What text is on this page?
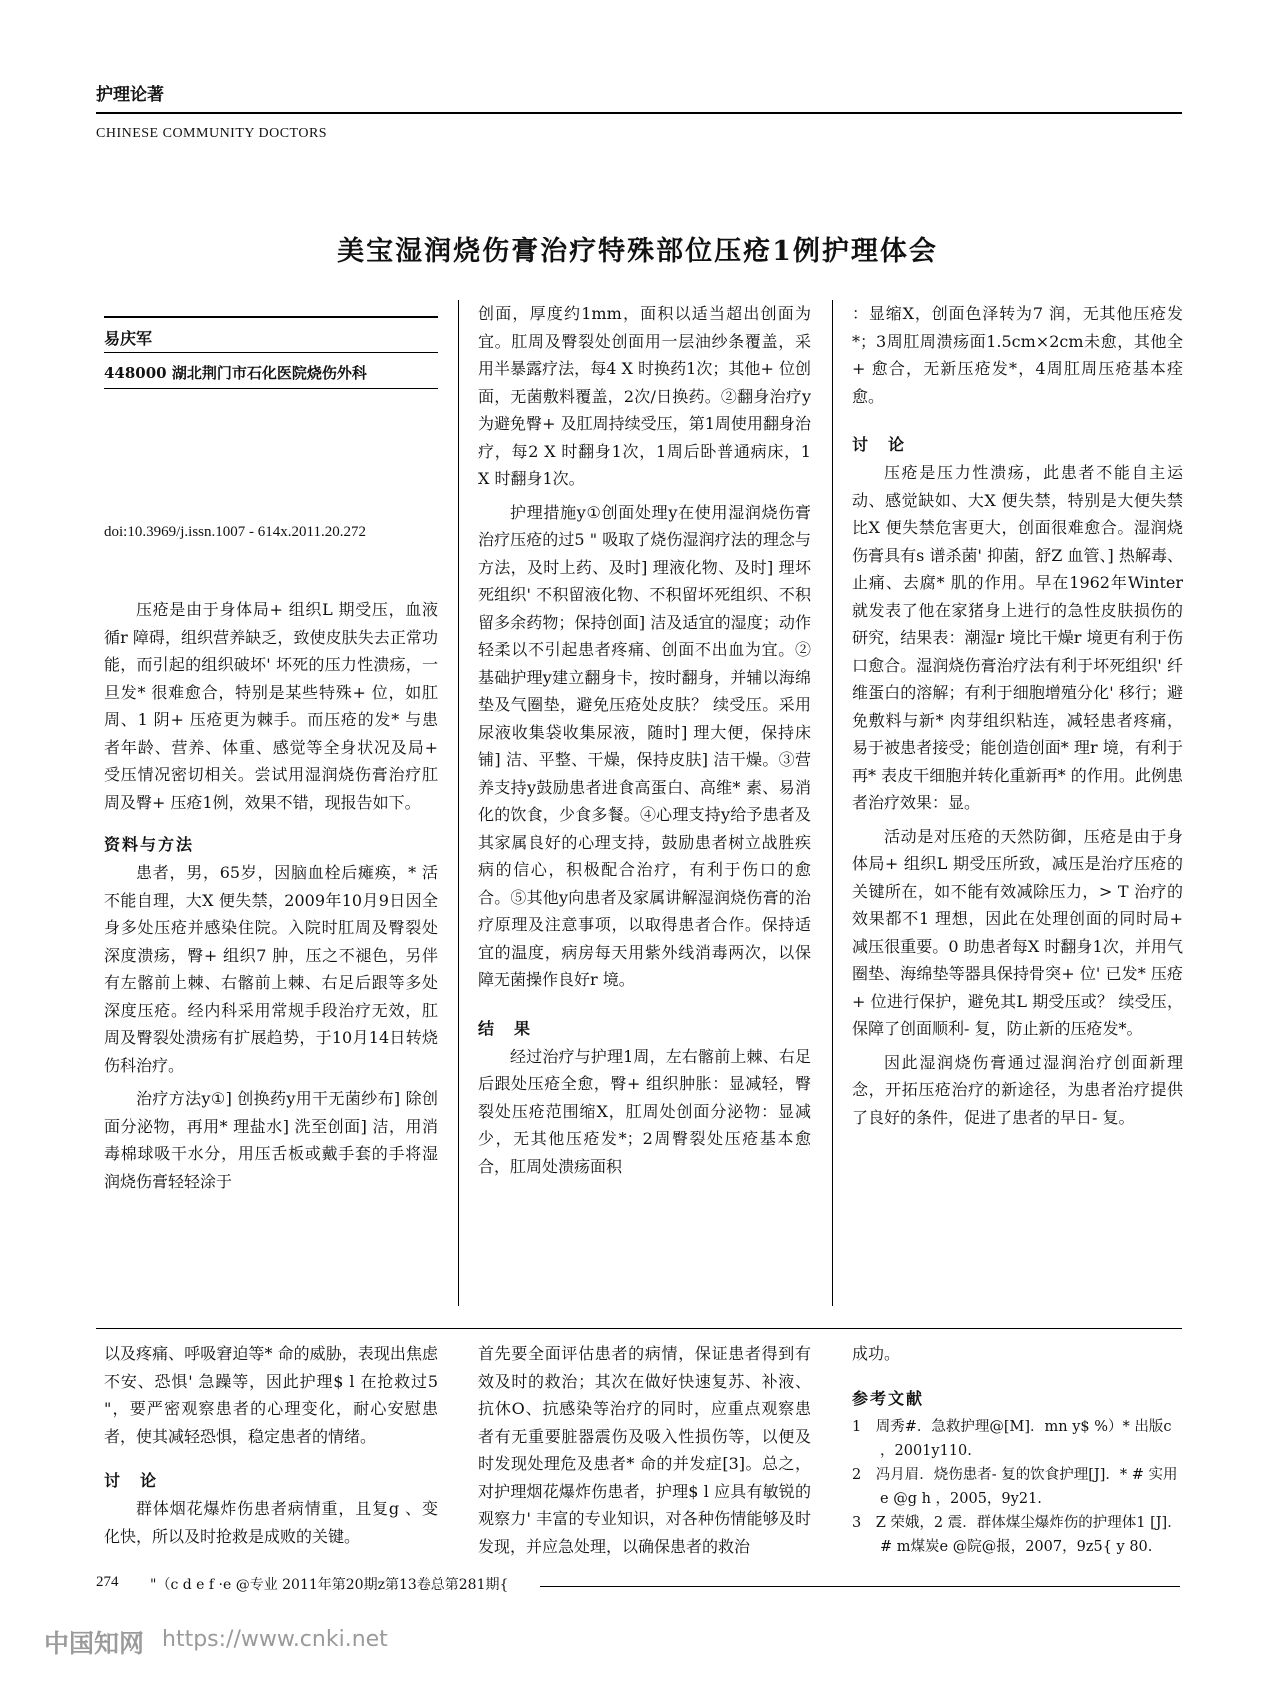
护理论著
CHINESE COMMUNITY DOCTORS
美宝湿润烧伤膏治疗特殊部位压疮1例护理体会
易庆军
448000 湖北荆门市石化医院烧伤外科
doi:10.3969/j.issn.1007 - 614x.2011.20.272

压疮是由于身体局+ 组织L 期受压，血液循r 障碍，组织营养缺乏，致使皮肤失去正常功能，而引起的组织破坏' 坏死的压力性溃疡，一旦发* 很难愈合，特别是某些特殊+ 位，如肛周、1 阴+ 压疮更为棘手。而压疮的发* 与患者年龄、营养、体重、感觉等全身状况及局+ 受压情况密切相关。尝试用湿润烧伤膏治疗肛周及臀+ 压疮1例，效果不错，现报告如下。

资料与方法

患者，男，65岁，因脑血栓后瘫痪，* 活不能自理，大X 便失禁，2009年10月9日因全身多处压疮并感染住院。入院时肛周及臀裂处深度溃疡，臀+ 组织7 肿，压之不褪色，另伴有左髂前上棘、右髂前上棘、右足后跟等多处深度压疮。经内科采用常规手段治疗无效，肛周及臀裂处溃疡有扩展趋势，于10月14日转烧伤科治疗。

治疗方法y①] 创换药y用干无菌纱布] 除创面分泌物，再用* 理盐水] 洗至创面] 洁，用消毒棉球吸干水分，用压舌板或戴手套的手将湿润烧伤膏轻轻涂于

创面，厚度约1mm，面积以适当超出创面为宜。肛周及臀裂处创面用一层油纱条覆盖，采用半暴露疗法，每4 X 时换药1次；其他+ 位创面，无菌敷料覆盖，2次/日换药。②翻身治疗y为避免臀+ 及肛周持续受压，第1周使用翻身治疗，每2 X 时翻身1次，1周后卧普通病床，1 X 时翻身1次。

护理措施y①创面处理y在使用湿润烧伤膏治疗压疮的过5 " 吸取了烧伤湿润疗法的理念与方法，及时上药、及时] 理液化物、及时] 理坏死组织' 不积留液化物、不积留坏死组织、不积留多余药物；保持创面] 洁及适宜的湿度；动作轻柔以不引起患者疼痛、创面不出血为宜。②基础护理y建立翻身卡，按时翻身，并辅以海绵垫及气圈垫，避免压疮处皮肤？ 续受压。采用尿液收集袋收集尿液，随时] 理大便，保持床铺] 洁、平整、干燥，保持皮肤] 洁干燥。③营养支持y鼓励患者进食高蛋白、高维* 素、易消化的饮食，少食多餐。④心理支持y给予患者及其家属良好的心理支持，鼓励患者树立战胜疾病的信心，积极配合治疗，有利于伤口的愈合。⑤其他y向患者及家属讲解湿润烧伤膏的治疗原理及注意事项，以取得患者合作。保持适宜的温度，病房每天用紫外线消毒两次，以保障无菌操作良好r 境。

结　果

经过治疗与护理1周，左右髂前上棘、右足后跟处压疮全愈，臀+ 组织肿胀：显减轻，臀裂处压疮范围缩X，肛周处创面分泌物：显减少，无其他压疮发*；2周臀裂处压疮基本愈合，肛周处溃疡面积

：显缩X，创面色泽转为7 润，无其他压疮发*；3周肛周溃疡面1.5cm×2cm未愈，其他全+ 愈合，无新压疮发*，4周肛周压疮基本痊愈。

讨　论

压疮是压力性溃疡，此患者不能自主运动、感觉缺如、大X 便失禁，特别是大便失禁比X 便失禁危害更大，创面很难愈合。湿润烧伤膏具有s 谱杀菌' 抑菌，舒Z 血管、] 热解毒、止痛、去腐* 肌的作用。早在1962年Winter就发表了他在家猪身上进行的急性皮肤损伤的研究，结果表：潮湿r 境比干燥r 境更有利于伤口愈合。湿润烧伤膏治疗法有利于坏死组织' 纤维蛋白的溶解；有利于细胞增殖分化' 移行；避免敷料与新* 肉芽组织粘连，减轻患者疼痛，易于被患者接受；能创造创面* 理r 境，有利于再* 表皮干细胞并转化重新再* 的作用。此例患者治疗效果：显。

活动是对压疮的天然防御，压疮是由于身体局+ 组织L 期受压所致，减压是治疗压疮的关键所在，如不能有效减除压力，> T 治疗的效果都不1 理想，因此在处理创面的同时局+ 减压很重要。0 助患者每X 时翻身1次，并用气圈垫、海绵垫等器具保持骨突+ 位' 已发* 压疮+ 位进行保护，避免其L 期受压或？ 续受压，保障了创面顺利- 复，防止新的压疮发*。

因此湿润烧伤膏通过湿润治疗创面新理念，开拓压疮治疗的新途径，为患者治疗提供了良好的条件，促进了患者的早日- 复。

以及疼痛、呼吸窘迫等* 命的威胁，表现出焦虑不安、恐惧' 急躁等，因此护理$ l 在抢救过5 "，要严密观察患者的心理变化，耐心安慰患者，使其减轻恐惧，稳定患者的情绪。

讨　论

群体烟花爆炸伤患者病情重，且复g 、变化快，所以及时抢救是成败的关键。

首先要全面评估患者的病情，保证患者得到有效及时的救治；其次在做好快速复苏、补液、抗休O、抗感染等治疗的同时，应重点观察患者有无重要脏器震伤及吸入性损伤等，以便及时发现处理危及患者* 命的并发症[3]。总之，对护理烟花爆炸伤患者，护理$ l 应具有敏锐的观察力' 丰富的专业知识，对各种伤情能够及时发现，并应急处理，以确保患者的救治

成功。

参考文献

1　周秀#．急救护理@[M]．mn y$ %）* 出版c ，2001y110.

2　冯月眉．烧伤患者- 复的饮食护理[J]．* # 实用e @g h ，2005，9y21.

3　Z 荣娥，2 震．群体煤尘爆炸伤的护理体1 [J]．# m煤炭e @院@报，2007，9z5{ y 80.

274 "（c d e f ·e @专业 2011年第20期z第13卷总第281期{
中国知网 https://www.cnki.net
